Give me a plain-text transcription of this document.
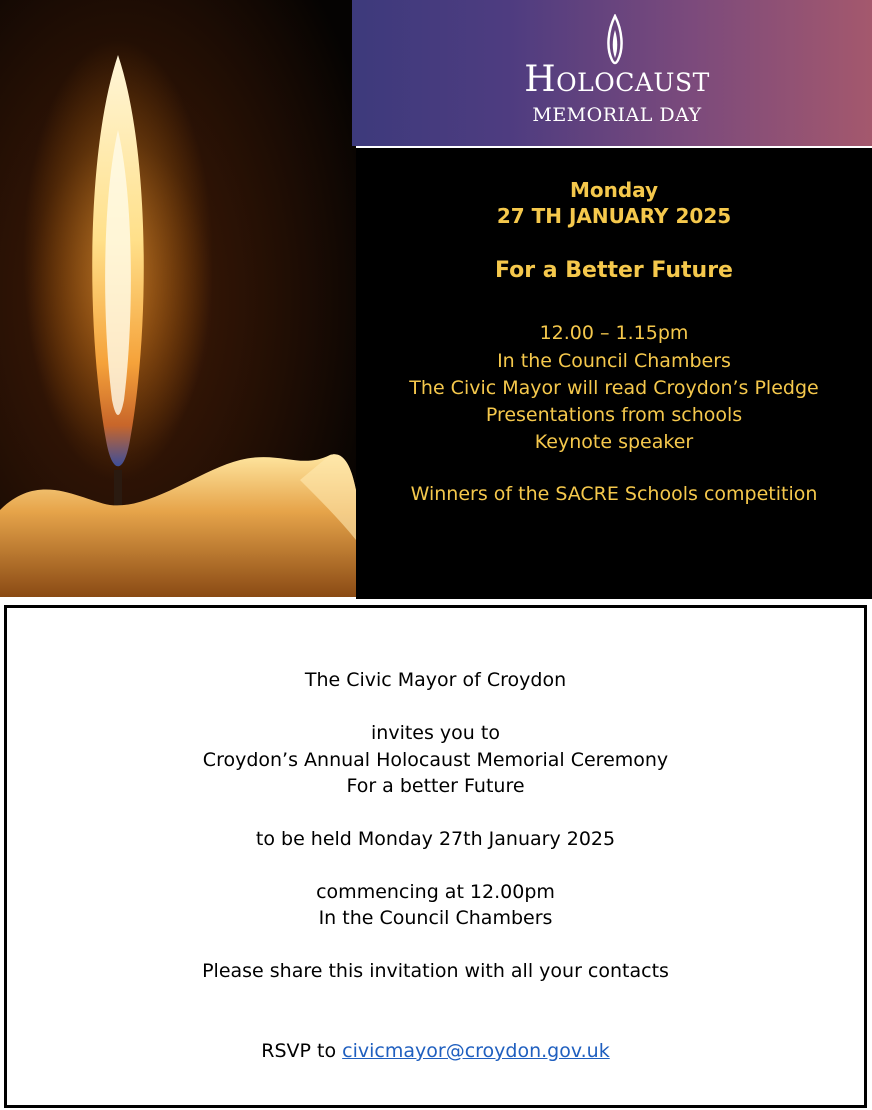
Holocaust
MEMORIAL DAY
Monday
27 TH JANUARY 2025
For a Better Future
12.00 – 1.15pm
In the Council Chambers
The Civic Mayor will read Croydon’s Pledge
Presentations from schools
Keynote speaker
Winners of the SACRE Schools competition
The Civic Mayor of Croydon
invites you to
Croydon’s Annual Holocaust Memorial Ceremony
For a better Future
to be held Monday 27th January 2025
commencing at 12.00pm
In the Council Chambers
Please share this invitation with all your contacts
RSVP to civicmayor@croydon.gov.uk
